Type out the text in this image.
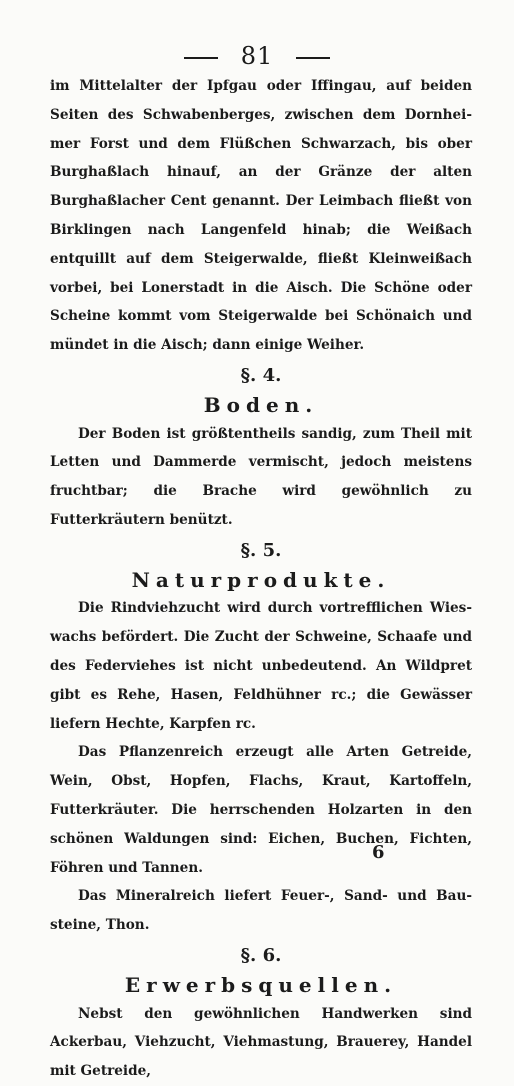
81

im Mittelalter der Ipfgau oder Iffingau, auf beiden Seiten des Schwabenberges, zwischen dem Dornheimer Forst und dem Flüßchen Schwarzach, bis ober Burghaßlach hinauf, an der Gränze der alten Burghaßlacher Cent genannt. Der Leimbach fließt von Birklingen nach Langenfeld hinab; die Weißach entquillt auf dem Steigerwalde, fließt Kleinweißach vorbei, bei Lonerstadt in die Aisch. Die Schöne oder Scheine kommt vom Steigerwalde bei Schönaich und mündet in die Aisch; dann einige Weiher.

§. 4.
Boden.

Der Boden ist größtentheils sandig, zum Theil mit Letten und Dammerde vermischt, jedoch meistens fruchtbar; die Brache wird gewöhnlich zu Futterkräutern benützt.

§. 5.
Naturprodukte.

Die Rindviehzucht wird durch vortrefflichen Wieswachs befördert. Die Zucht der Schweine, Schaafe und des Federviehes ist nicht unbedeutend. An Wildpret gibt es Rehe, Hasen, Feldhühner rc.; die Gewässer liefern Hechte, Karpfen rc.

Das Pflanzenreich erzeugt alle Arten Getreide, Wein, Obst, Hopfen, Flachs, Kraut, Kartoffeln, Futterkräuter. Die herrschenden Holzarten in den schönen Waldungen sind: Eichen, Buchen, Fichten, Föhren und Tannen.

Das Mineralreich liefert Feuer-, Sand- und Bausteine, Thon.

§. 6.
Erwerbsquellen.

Nebst den gewöhnlichen Handwerken sind Ackerbau, Viehzucht, Viehmastung, Brauerey, Handel mit Getreide,

6
